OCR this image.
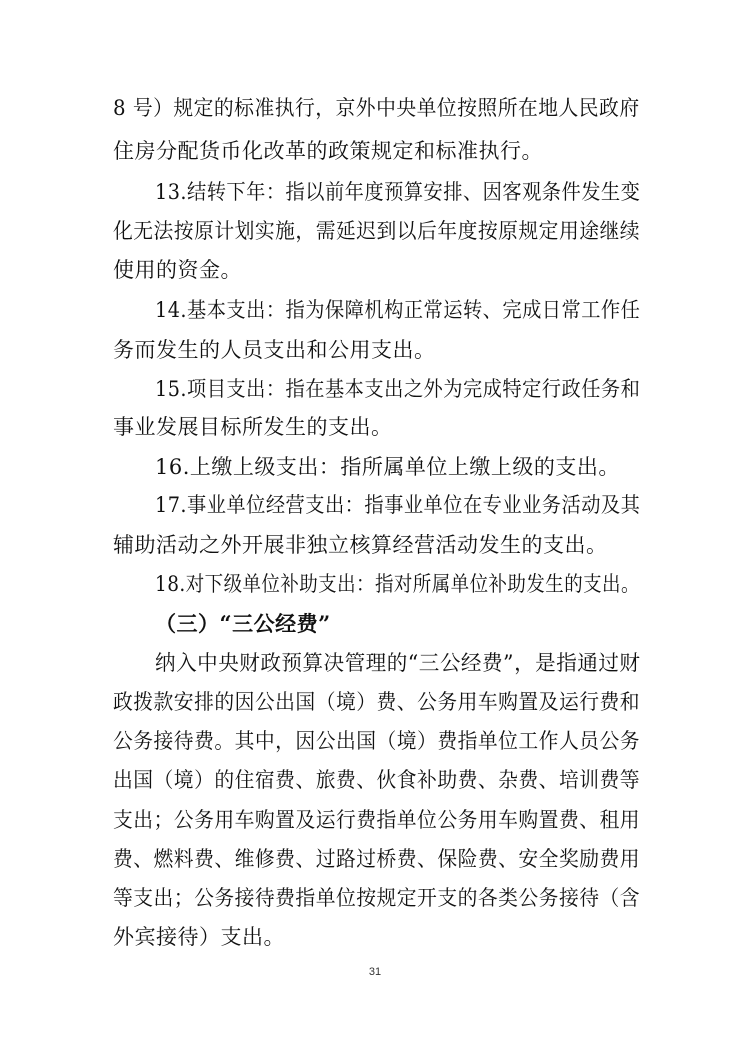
8 号）规定的标准执行，京外中央单位按照所在地人民政府
住房分配货币化改革的政策规定和标准执行。
13.结转下年：指以前年度预算安排、因客观条件发生变
化无法按原计划实施，需延迟到以后年度按原规定用途继续
使用的资金。
14.基本支出：指为保障机构正常运转、完成日常工作任
务而发生的人员支出和公用支出。
15.项目支出：指在基本支出之外为完成特定行政任务和
事业发展目标所发生的支出。
16.上缴上级支出：指所属单位上缴上级的支出。
17.事业单位经营支出：指事业单位在专业业务活动及其
辅助活动之外开展非独立核算经营活动发生的支出。
18.对下级单位补助支出：指对所属单位补助发生的支出。
（三）“三公经费”
纳入中央财政预算决管理的“三公经费”，是指通过财
政拨款安排的因公出国（境）费、公务用车购置及运行费和
公务接待费。其中，因公出国（境）费指单位工作人员公务
出国（境）的住宿费、旅费、伙食补助费、杂费、培训费等
支出；公务用车购置及运行费指单位公务用车购置费、租用
费、燃料费、维修费、过路过桥费、保险费、安全奖励费用
等支出；公务接待费指单位按规定开支的各类公务接待（含
外宾接待）支出。
31
